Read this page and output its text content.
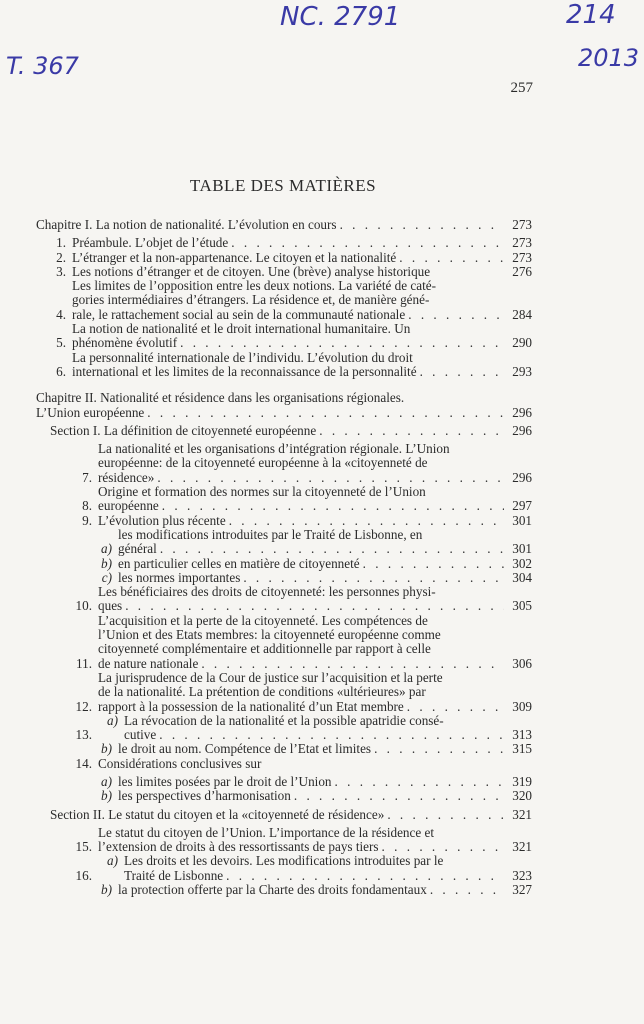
NC. 2791	214
T. 367	2013
257
TABLE DES MATIÈRES
Chapitre I. La notion de nationalité. L’évolution en cours . . .	273
1. Préambule. L’objet de l’étude . . .	273
2. L’étranger et la non-appartenance. Le citoyen et la nationalité . . .	273
3. Les notions d’étranger et de citoyen. Une (brève) analyse historique	276
4.
Les limites de l’opposition entre les deux notions. La variété de caté-
gories intermédiaires d’étrangers. La résidence et, de manière géné-
rale, le rattachement social au sein de la communauté nationale . . .	284
5.
La notion de nationalité et le droit international humanitaire. Un
phénomène évolutif . . .	290
6.
La personnalité internationale de l’individu. L’évolution du droit
international et les limites de la reconnaissance de la personnalité . . .	293
Chapitre II. Nationalité et résidence dans les organisations régionales.
L’Union européenne . . .	296
Section I. La définition de citoyenneté européenne . . .	296
7.
La nationalité et les organisations d’intégration régionale. L’Union
européenne: de la citoyenneté européenne à la «citoyenneté de
résidence» . . .	296
8.
Origine et formation des normes sur la citoyenneté de l’Union
européenne . . .	297
9. L’évolution plus récente . . .	301
a)
les modifications introduites par le Traité de Lisbonne, en
général . . .	301
b) en particulier celles en matière de citoyenneté . . .	302
c) les normes importantes . . .	304
10.
Les bénéficiaires des droits de citoyenneté: les personnes physi-
ques . . .	305
11.
L’acquisition et la perte de la citoyenneté. Les compétences de
l’Union et des Etats membres: la citoyenneté européenne comme
citoyenneté complémentaire et additionnelle par rapport à celle
de nature nationale . . .	306
12.
La jurisprudence de la Cour de justice sur l’acquisition et la perte
de la nationalité. La prétention de conditions «ultérieures» par
rapport à la possession de la nationalité d’un Etat membre . . .	309
13.
a) La révocation de la nationalité et la possible apatridie consé-
cutive . . .	313
b) le droit au nom. Compétence de l’Etat et limites . . .	315
14. Considérations conclusives sur
a) les limites posées par le droit de l’Union . . .	319
b) les perspectives d’harmonisation . . .	320
Section II. Le statut du citoyen et la «citoyenneté de résidence» . . .	321
15.
Le statut du citoyen de l’Union. L’importance de la résidence et
l’extension de droits à des ressortissants de pays tiers . . .	321
16.
a) Les droits et les devoirs. Les modifications introduites par le
Traité de Lisbonne . . .	323
b) la protection offerte par la Charte des droits fondamentaux . . .	327
